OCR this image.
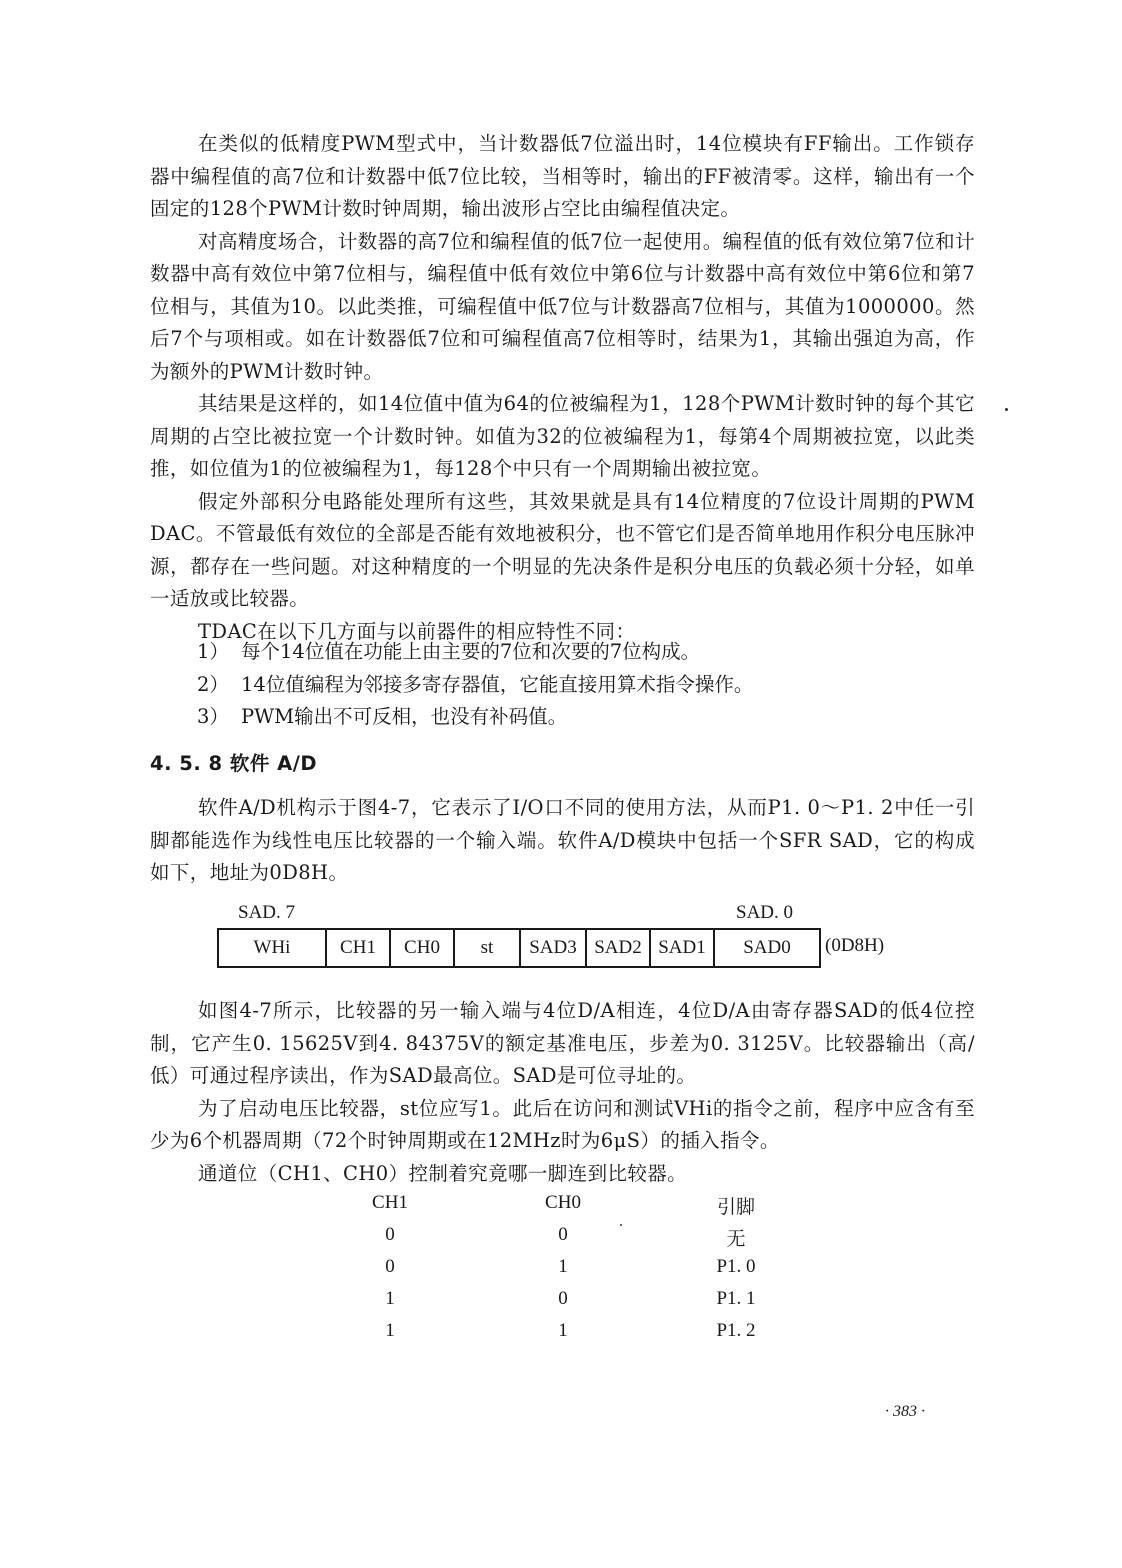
在类似的低精度PWM型式中，当计数器低7位溢出时，14位模块有FF输出。工作锁存器中编程值的高7位和计数器中低7位比较，当相等时，输出的FF被清零。这样，输出有一个固定的128个PWM计数时钟周期，输出波形占空比由编程值决定。

对高精度场合，计数器的高7位和编程值的低7位一起使用。编程值的低有效位第7位和计数器中高有效位中第7位相与，编程值中低有效位中第6位与计数器中高有效位中第6位和第7位相与，其值为10。以此类推，可编程值中低7位与计数器高7位相与，其值为1000000。然后7个与项相或。如在计数器低7位和可编程值高7位相等时，结果为1，其输出强迫为高，作为额外的PWM计数时钟。

其结果是这样的，如14位值中值为64的位被编程为1，128个PWM计数时钟的每个其它周期的占空比被拉宽一个计数时钟。如值为32的位被编程为1，每第4个周期被拉宽，以此类推，如位值为1的位被编程为1，每128个中只有一个周期输出被拉宽。

假定外部积分电路能处理所有这些，其效果就是具有14位精度的7位设计周期的PWM　DAC。不管最低有效位的全部是否能有效地被积分，也不管它们是否简单地用作积分电压脉冲源，都存在一些问题。对这种精度的一个明显的先决条件是积分电压的负载必须十分轻，如单一适放或比较器。

TDAC在以下几方面与以前器件的相应特性不同：

1） 每个14位值在功能上由主要的7位和次要的7位构成。
2） 14位值编程为邻接多寄存器值，它能直接用算术指令操作。
3） PWM输出不可反相，也没有补码值。
4. 5. 8 软件 A/D

软件A/D机构示于图4-7，它表示了I/O口不同的使用方法，从而P1. 0～P1. 2中任一引脚都能选作为线性电压比较器的一个输入端。软件A/D模块中包括一个SFR SAD，它的构成如下，地址为0D8H。

SAD. 7	SAD. 0
WHi	CH1	CH0	st	SAD3	SAD2	SAD1	SAD0 (0D8H)

如图4-7所示，比较器的另一输入端与4位D/A相连，4位D/A由寄存器SAD的低4位控制，它产生0. 15625V到4. 84375V的额定基准电压，步差为0. 3125V。比较器输出（高/低）可通过程序读出，作为SAD最高位。SAD是可位寻址的。

为了启动电压比较器，st位应写1。此后在访问和测试VHi的指令之前，程序中应含有至少为6个机器周期（72个时钟周期或在12MHz时为6μS）的插入指令。

通道位（CH1、CH0）控制着究竟哪一脚连到比较器。

CH1	CH0	引脚
0	0	无
0	1	P1. 0
1	0	P1. 1
1	1	P1. 2
· 383 ·
